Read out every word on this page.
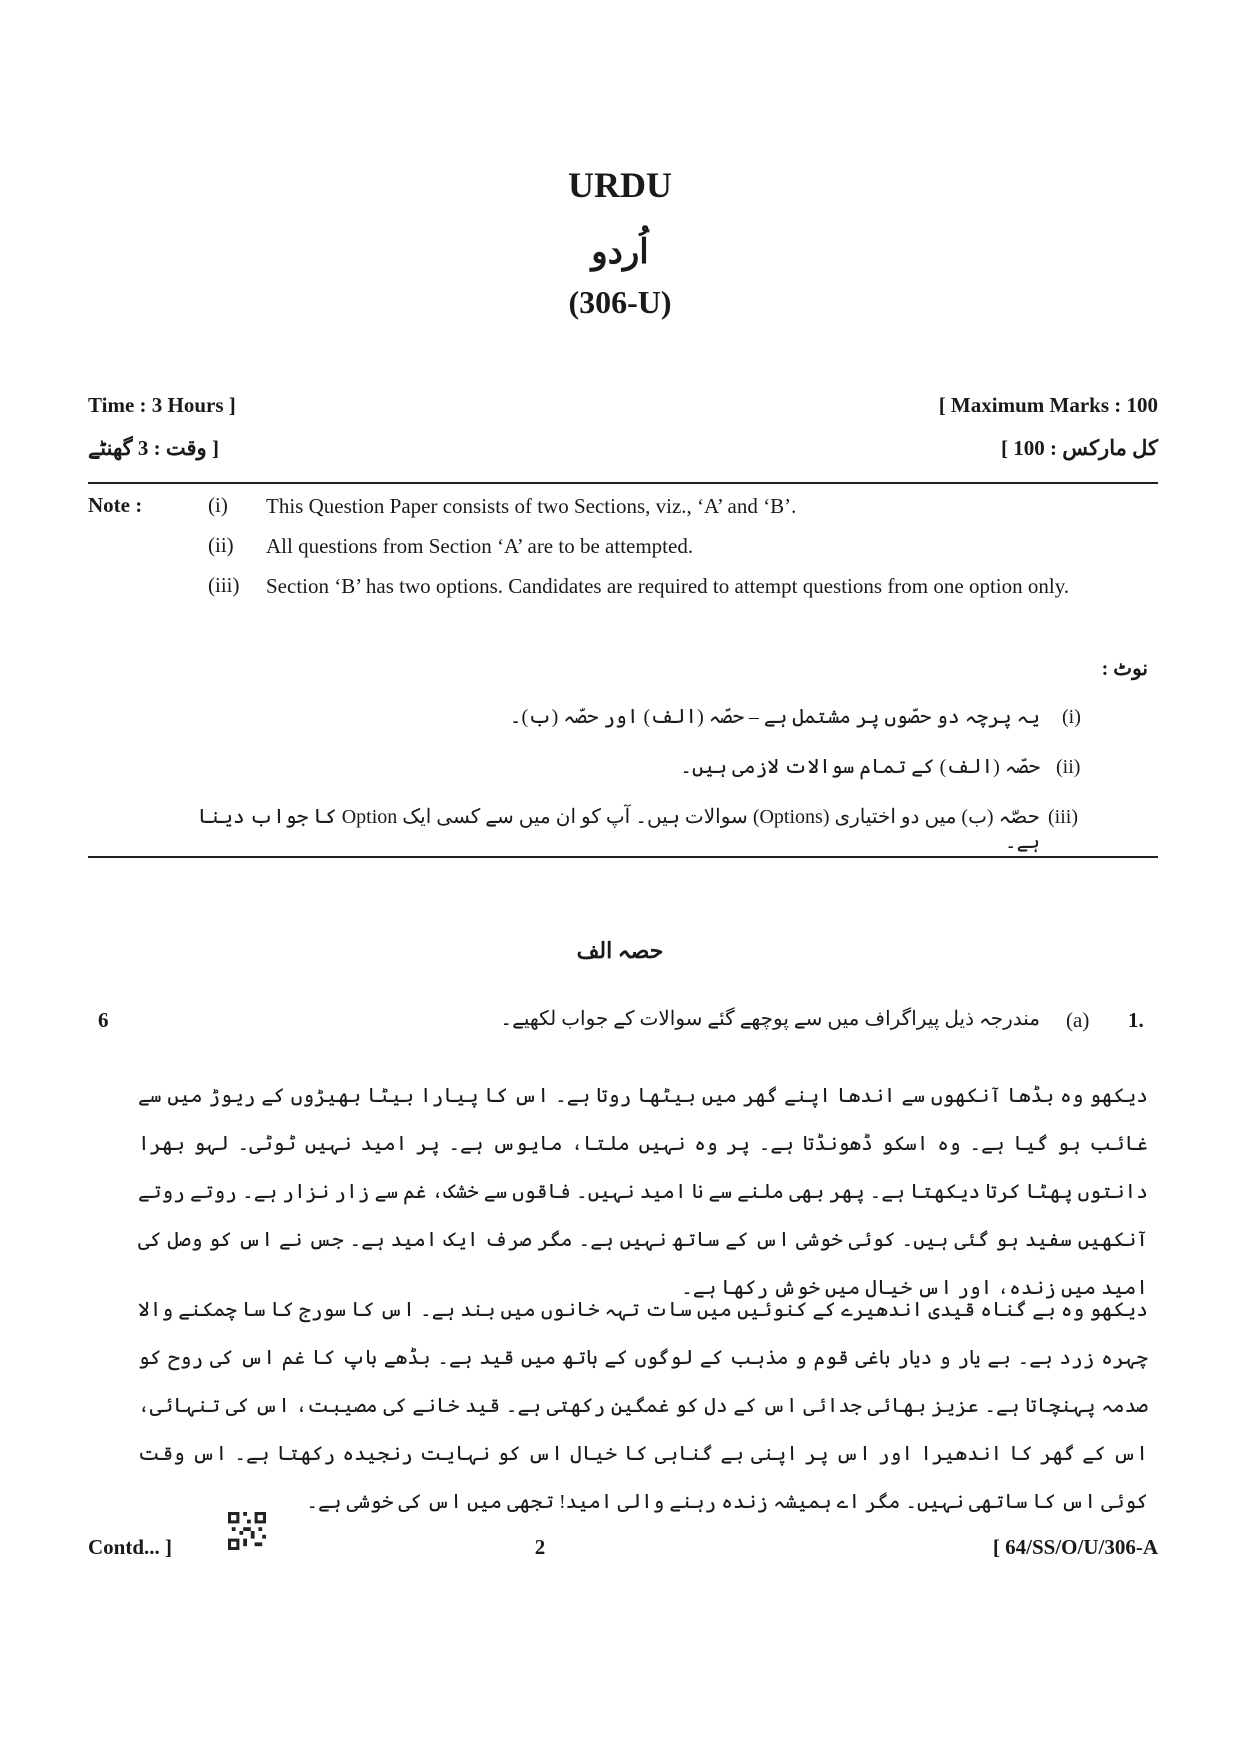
URDU
اُردو
(306-U)
Time : 3 Hours ]	[ Maximum Marks : 100
[ وقت : 3 گھنٹے	کل مارکس : 100 ]
Note :	(i) This Question Paper consists of two Sections, viz., ‘A’ and ‘B’.
(ii) All questions from Section ‘A’ are to be attempted.
(iii) Section ‘B’ has two options. Candidates are required to attempt questions from one option only.
نوٹ :
(i)
یہ پرچہ دو حصّوں پر مشتمل ہے – حصّہ (الف) اور حصّہ (ب)۔
(ii)
حصّہ (الف) کے تمام سوالات لازمی ہیں۔
(iii)
حصّہ (ب) میں دو اختیاری (Options) سوالات ہیں۔ آپ کو ان میں سے کسی ایک Option کا جواب دینا ہے۔
حصہ الف
6	1.
(a)
مندرجہ ذیل پیراگراف میں سے پوچھے گئے سوالات کے جواب لکھیے۔
دیکھو وہ بڈھا آنکھوں سے اندھا اپنے گھر میں بیٹھا روتا ہے۔ اس کا پیارا بیٹا بھیڑوں کے ریوڑ میں سے غائب ہو گیا ہے۔ وہ اسکو ڈھونڈتا ہے۔ پر وہ نہیں ملتا، مایوس ہے۔ پر امید نہیں ٹوٹی۔ لہو بھرا دانتوں پھٹا کرتا دیکھتا ہے۔ پھر بھی ملنے سے نا امید نہیں۔ فاقوں سے خشک، غم سے زار نزار ہے۔ روتے روتے آنکھیں سفید ہو گئی ہیں۔ کوئی خوشی اس کے ساتھ نہیں ہے۔ مگر صرف ایک امید ہے۔ جس نے اس کو وصل کی امید میں زندہ، اور اس خیال میں خوش رکھا ہے۔
دیکھو وہ بے گناہ قیدی اندھیرے کے کنوئیں میں سات تہہ خانوں میں بند ہے۔ اس کا سورج کا سا چمکنے والا چہرہ زرد ہے۔ بے یار و دیار باغی قوم و مذہب کے لوگوں کے ہاتھ میں قید ہے۔ بڈھے باپ کا غم اس کی روح کو صدمہ پہنچاتا ہے۔ عزیز بھائی جدائی اس کے دل کو غمگین رکھتی ہے۔ قید خانے کی مصیبت، اس کی تنہائی، اس کے گھر کا اندھیرا اور اس پر اپنی بے گناہی کا خیال اس کو نہایت رنجیدہ رکھتا ہے۔ اس وقت کوئی اس کا ساتھی نہیں۔ مگر اے ہمیشہ زندہ رہنے والی امید! تجھی میں اس کی خوشی ہے۔
Contd... ]	2	[ 64/SS/O/U/306-A
